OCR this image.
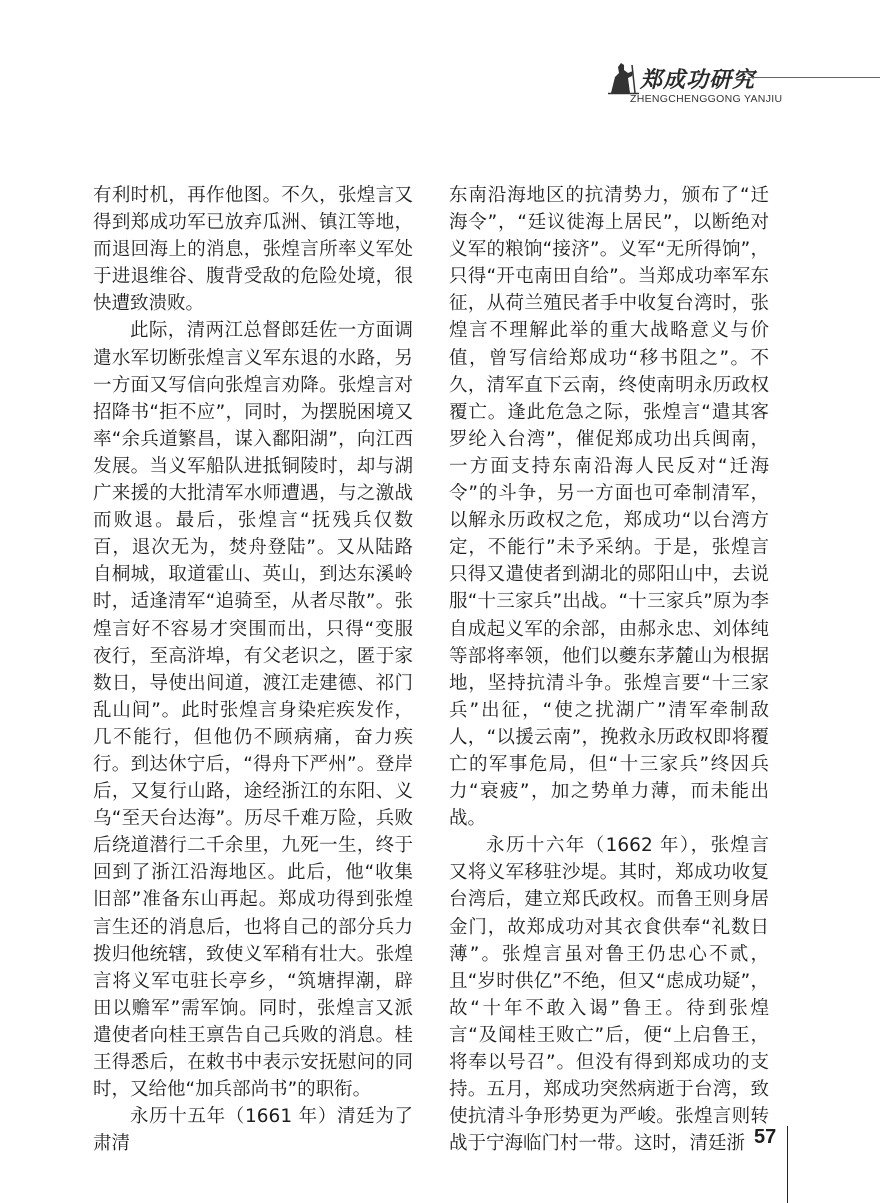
郑成功研究
ZHENGCHENGGONG YANJIU

有利时机，再作他图。不久，张煌言又得到郑成功军已放弃瓜洲、镇江等地，而退回海上的消息，张煌言所率义军处于进退维谷、腹背受敌的危险处境，很快遭致溃败。

此际，清两江总督郎廷佐一方面调遣水军切断张煌言义军东退的水路，另一方面又写信向张煌言劝降。张煌言对招降书“拒不应”，同时，为摆脱困境又率“余兵道繁昌，谋入鄱阳湖”，向江西发展。当义军船队进抵铜陵时，却与湖广来援的大批清军水师遭遇，与之激战而败退。最后，张煌言“抚残兵仅数百，退次无为，焚舟登陆”。又从陆路自桐城，取道霍山、英山，到达东溪岭时，适逢清军“追骑至，从者尽散”。张煌言好不容易才突围而出，只得“变服夜行，至高浒埠，有父老识之，匿于家数日，导使出间道，渡江走建德、祁门乱山间”。此时张煌言身染疟疾发作，几不能行，但他仍不顾病痛，奋力疾行。到达休宁后，“得舟下严州”。登岸后，又复行山路，途经浙江的东阳、义乌“至天台达海”。历尽千难万险，兵败后绕道潜行二千余里，九死一生，终于回到了浙江沿海地区。此后，他“收集旧部”准备东山再起。郑成功得到张煌言生还的消息后，也将自己的部分兵力拨归他统辖，致使义军稍有壮大。张煌言将义军屯驻长亭乡，“筑塘捍潮，辟田以赡军”需军饷。同时，张煌言又派遣使者向桂王禀告自己兵败的消息。桂王得悉后，在敕书中表示安抚慰问的同时，又给他“加兵部尚书”的职衔。

永历十五年（1661 年）清廷为了肃清

东南沿海地区的抗清势力，颁布了“迁海令”，“廷议徙海上居民”，以断绝对义军的粮饷“接济”。义军“无所得饷”，只得“开屯南田自给”。当郑成功率军东征，从荷兰殖民者手中收复台湾时，张煌言不理解此举的重大战略意义与价值，曾写信给郑成功“移书阻之”。不久，清军直下云南，终使南明永历政权覆亡。逢此危急之际，张煌言“遣其客罗纶入台湾”，催促郑成功出兵闽南，一方面支持东南沿海人民反对“迁海令”的斗争，另一方面也可牵制清军，以解永历政权之危，郑成功“以台湾方定，不能行”未予采纳。于是，张煌言只得又遣使者到湖北的郧阳山中，去说服“十三家兵”出战。“十三家兵”原为李自成起义军的余部，由郝永忠、刘体纯等部将率领，他们以夔东茅麓山为根据地，坚持抗清斗争。张煌言要“十三家兵”出征，“使之扰湖广”清军牵制敌人，“以援云南”，挽救永历政权即将覆亡的军事危局，但“十三家兵”终因兵力“衰疲”，加之势单力薄，而未能出战。

永历十六年（1662 年），张煌言又将义军移驻沙堤。其时，郑成功收复台湾后，建立郑氏政权。而鲁王则身居金门，故郑成功对其衣食供奉“礼数日薄”。张煌言虽对鲁王仍忠心不贰，且“岁时供亿”不绝，但又“虑成功疑”，故“十年不敢入谒”鲁王。待到张煌言“及闻桂王败亡”后，便“上启鲁王，将奉以号召”。但没有得到郑成功的支持。五月，郑成功突然病逝于台湾，致使抗清斗争形势更为严峻。张煌言则转战于宁海临门村一带。这时，清廷浙 57
